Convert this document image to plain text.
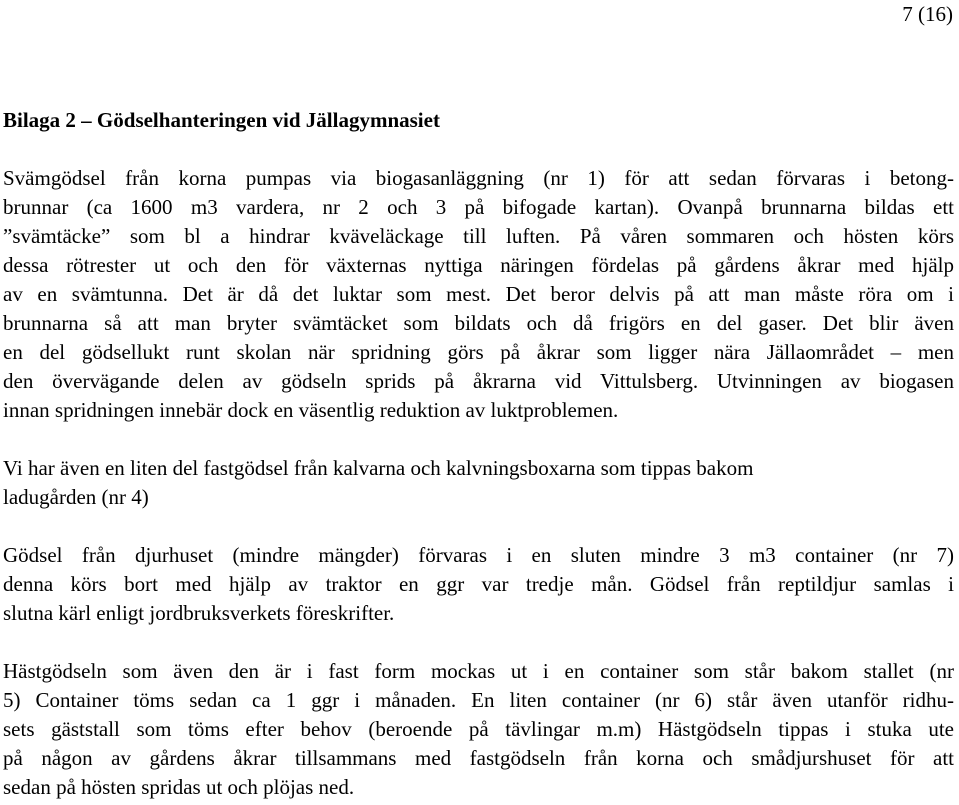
7 (16)
Bilaga 2 – Gödselhanteringen vid Jällagymnasiet

Svämgödsel från korna pumpas via biogasanläggning (nr 1) för att sedan förvaras i betong-

brunnar (ca 1600 m3 vardera, nr 2 och 3 på bifogade kartan). Ovanpå brunnarna bildas ett

”svämtäcke” som bl a hindrar kväveläckage till luften. På våren sommaren och hösten körs

dessa rötrester ut och den för växternas nyttiga näringen fördelas på gårdens åkrar med hjälp

av en svämtunna. Det är då det luktar som mest. Det beror delvis på att man måste röra om i

brunnarna så att man bryter svämtäcket som bildats och då frigörs en del gaser. Det blir även

en del gödsellukt runt skolan när spridning görs på åkrar som ligger nära Jällaområdet – men

den övervägande delen av gödseln sprids på åkrarna vid Vittulsberg. Utvinningen av biogasen

innan spridningen innebär dock en väsentlig reduktion av luktproblemen.

Vi har även en liten del fastgödsel från kalvarna och kalvningsboxarna som tippas bakom

ladugården (nr 4)

Gödsel från djurhuset (mindre mängder) förvaras i en sluten mindre 3 m3 container (nr 7)

denna körs bort med hjälp av traktor en ggr var tredje mån. Gödsel från reptildjur samlas i

slutna kärl enligt jordbruksverkets föreskrifter.

Hästgödseln som även den är i fast form mockas ut i en container som står bakom stallet (nr

5) Container töms sedan ca 1 ggr i månaden. En liten container (nr 6) står även utanför ridhu-

sets gäststall som töms efter behov (beroende på tävlingar m.m) Hästgödseln tippas i stuka ute

på någon av gårdens åkrar tillsammans med fastgödseln från korna och smådjurshuset för att

sedan på hösten spridas ut och plöjas ned.
